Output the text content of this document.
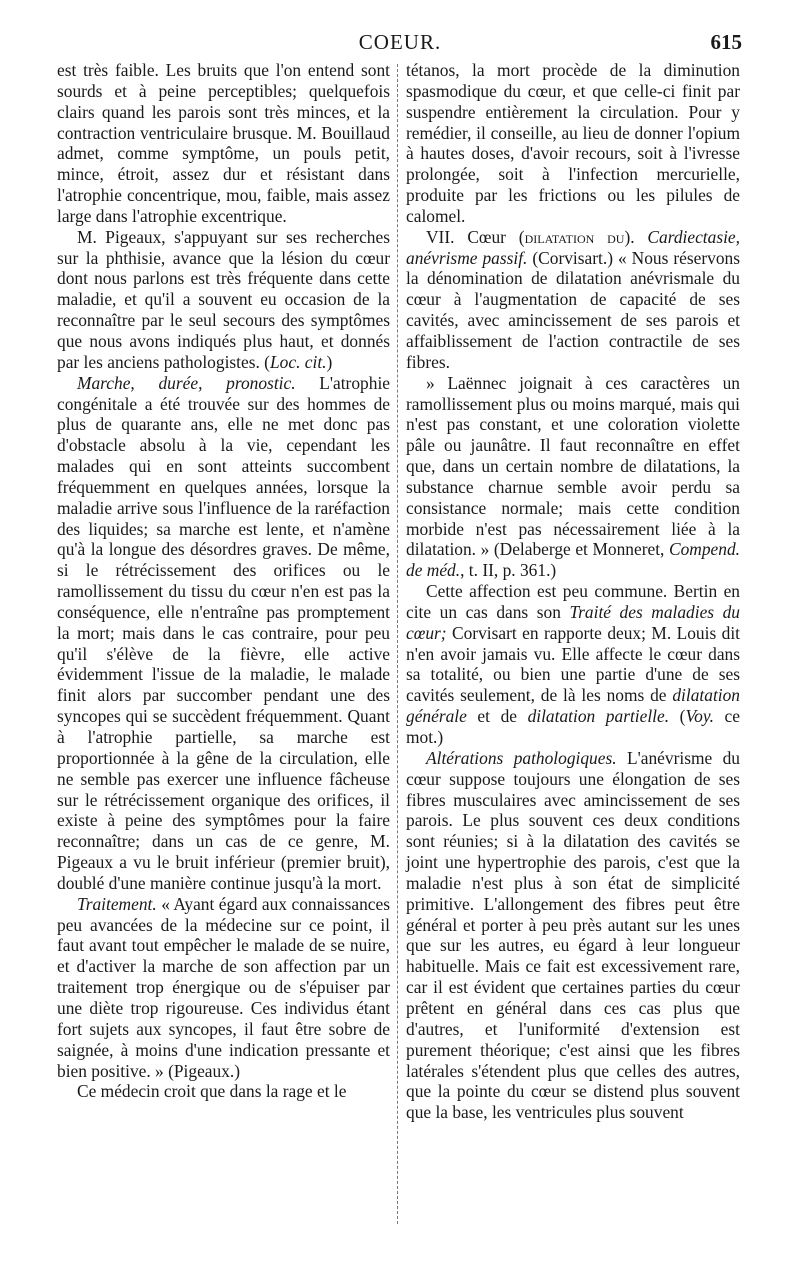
COEUR.	615

est très faible. Les bruits que l'on entend sont sourds et à peine perceptibles; quelquefois clairs quand les parois sont très minces, et la contraction ventriculaire brusque. M. Bouillaud admet, comme symptôme, un pouls petit, mince, étroit, assez dur et résistant dans l'atrophie concentrique, mou, faible, mais assez large dans l'atrophie excentrique.

M. Pigeaux, s'appuyant sur ses recherches sur la phthisie, avance que la lésion du cœur dont nous parlons est très fréquente dans cette maladie, et qu'il a souvent eu occasion de la reconnaître par le seul secours des symptômes que nous avons indiqués plus haut, et donnés par les anciens pathologistes. (Loc. cit.)

Marche, durée, pronostic. L'atrophie congénitale a été trouvée sur des hommes de plus de quarante ans, elle ne met donc pas d'obstacle absolu à la vie, cependant les malades qui en sont atteints succombent fréquemment en quelques années, lorsque la maladie arrive sous l'influence de la raréfaction des liquides; sa marche est lente, et n'amène qu'à la longue des désordres graves. De même, si le rétrécissement des orifices ou le ramollissement du tissu du cœur n'en est pas la conséquence, elle n'entraîne pas promptement la mort; mais dans le cas contraire, pour peu qu'il s'élève de la fièvre, elle active évidemment l'issue de la maladie, le malade finit alors par succomber pendant une des syncopes qui se succèdent fréquemment. Quant à l'atrophie partielle, sa marche est proportionnée à la gêne de la circulation, elle ne semble pas exercer une influence fâcheuse sur le rétrécissement organique des orifices, il existe à peine des symptômes pour la faire reconnaître; dans un cas de ce genre, M. Pigeaux a vu le bruit inférieur (premier bruit), doublé d'une manière continue jusqu'à la mort.

Traitement. « Ayant égard aux connaissances peu avancées de la médecine sur ce point, il faut avant tout empêcher le malade de se nuire, et d'activer la marche de son affection par un traitement trop énergique ou de s'épuiser par une diète trop rigoureuse. Ces individus étant fort sujets aux syncopes, il faut être sobre de saignée, à moins d'une indication pressante et bien positive. » (Pigeaux.)

Ce médecin croit que dans la rage et le

tétanos, la mort procède de la diminution spasmodique du cœur, et que celle-ci finit par suspendre entièrement la circulation. Pour y remédier, il conseille, au lieu de donner l'opium à hautes doses, d'avoir recours, soit à l'ivresse prolongée, soit à l'infection mercurielle, produite par les frictions ou les pilules de calomel.

VII. Cœur (dilatation du). Cardiectasie, anévrisme passif. (Corvisart.) « Nous réservons la dénomination de dilatation anévrismale du cœur à l'augmentation de capacité de ses cavités, avec amincissement de ses parois et affaiblissement de l'action contractile de ses fibres.

» Laënnec joignait à ces caractères un ramollissement plus ou moins marqué, mais qui n'est pas constant, et une coloration violette pâle ou jaunâtre. Il faut reconnaître en effet que, dans un certain nombre de dilatations, la substance charnue semble avoir perdu sa consistance normale; mais cette condition morbide n'est pas nécessairement liée à la dilatation. » (Delaberge et Monneret, Compend. de méd., t. II, p. 361.)

Cette affection est peu commune. Bertin en cite un cas dans son Traité des maladies du cœur; Corvisart en rapporte deux; M. Louis dit n'en avoir jamais vu. Elle affecte le cœur dans sa totalité, ou bien une partie d'une de ses cavités seulement, de là les noms de dilatation générale et de dilatation partielle. (Voy. ce mot.)

Altérations pathologiques. L'anévrisme du cœur suppose toujours une élongation de ses fibres musculaires avec amincissement de ses parois. Le plus souvent ces deux conditions sont réunies; si à la dilatation des cavités se joint une hypertrophie des parois, c'est que la maladie n'est plus à son état de simplicité primitive. L'allongement des fibres peut être général et porter à peu près autant sur les unes que sur les autres, eu égard à leur longueur habituelle. Mais ce fait est excessivement rare, car il est évident que certaines parties du cœur prêtent en général dans ces cas plus que d'autres, et l'uniformité d'extension est purement théorique; c'est ainsi que les fibres latérales s'étendent plus que celles des autres, que la pointe du cœur se distend plus souvent que la base, les ventricules plus souvent
